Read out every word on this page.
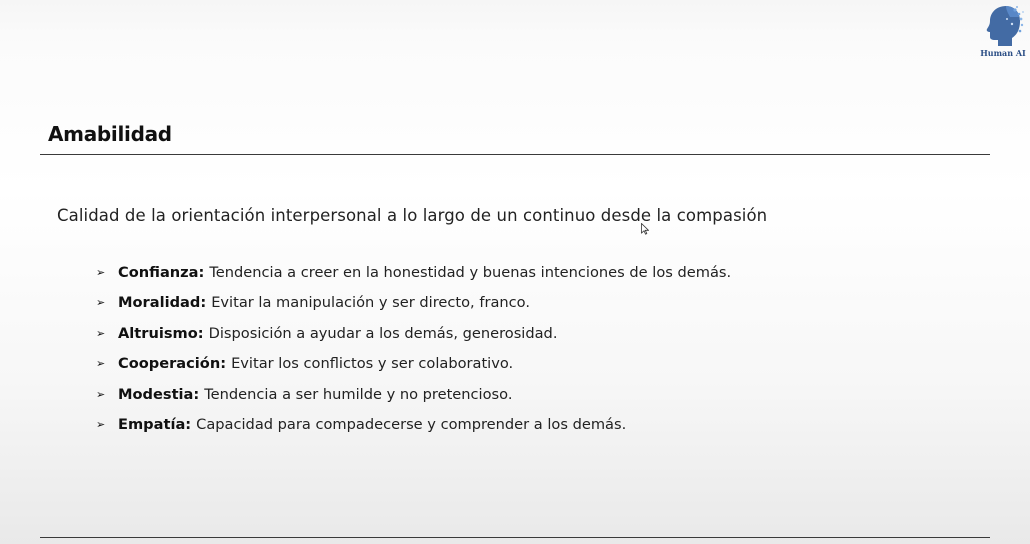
Human AI
Amabilidad
Calidad de la orientación interpersonal a lo largo de un continuo desde la compasión
➢ Confianza: Tendencia a creer en la honestidad y buenas intenciones de los demás.
➢ Moralidad: Evitar la manipulación y ser directo, franco.
➢ Altruismo: Disposición a ayudar a los demás, generosidad.
➢ Cooperación: Evitar los conflictos y ser colaborativo.
➢ Modestia: Tendencia a ser humilde y no pretencioso.
➢ Empatía: Capacidad para compadecerse y comprender a los demás.
